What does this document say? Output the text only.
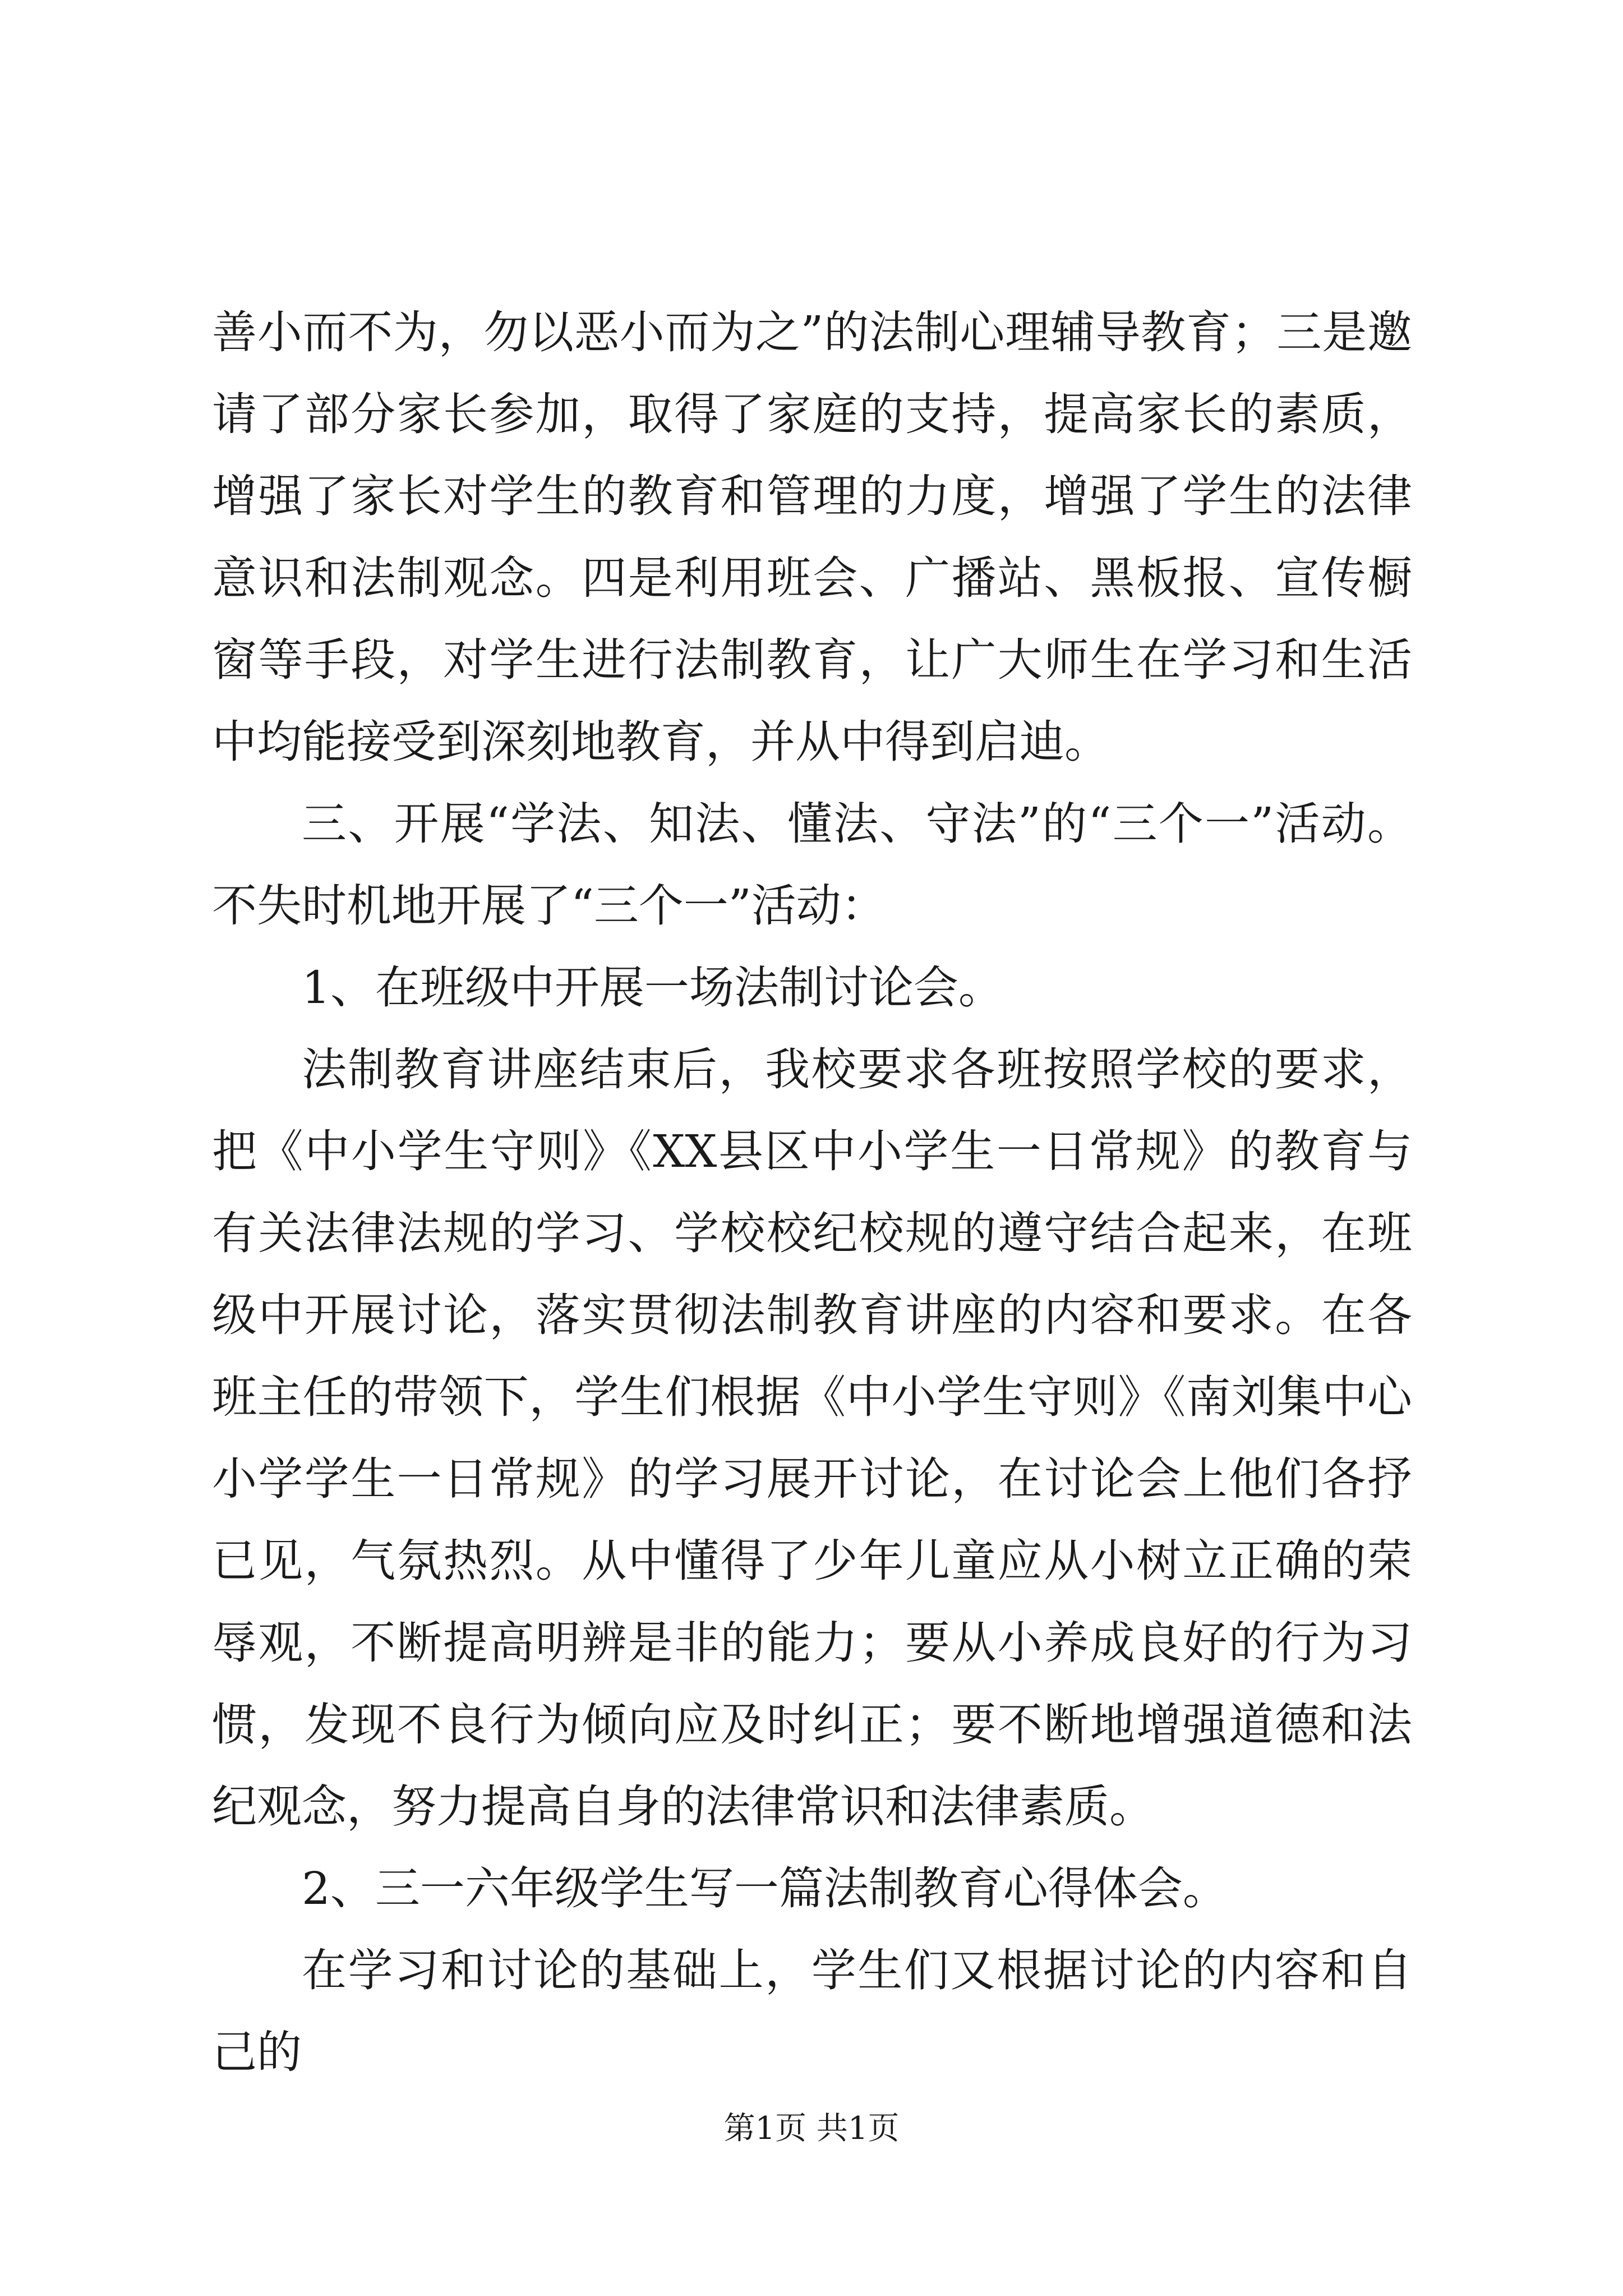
善小而不为，勿以恶小而为之”的法制心理辅导教育；三是邀请了部分家长参加，取得了家庭的支持，提高家长的素质，增强了家长对学生的教育和管理的力度，增强了学生的法律意识和法制观念。四是利用班会、广播站、黑板报、宣传橱窗等手段，对学生进行法制教育，让广大师生在学习和生活中均能接受到深刻地教育，并从中得到启迪。

三、开展“学法、知法、懂法、守法”的“三个一”活动。不失时机地开展了“三个一”活动：

1、在班级中开展一场法制讨论会。

法制教育讲座结束后，我校要求各班按照学校的要求，把《中小学生守则》《XX县区中小学生一日常规》的教育与有关法律法规的学习、学校校纪校规的遵守结合起来，在班级中开展讨论，落实贯彻法制教育讲座的内容和要求。在各班主任的带领下，学生们根据《中小学生守则》《南刘集中心小学学生一日常规》的学习展开讨论，在讨论会上他们各抒已见，气氛热烈。从中懂得了少年儿童应从小树立正确的荣辱观，不断提高明辨是非的能力；要从小养成良好的行为习惯，发现不良行为倾向应及时纠正；要不断地增强道德和法纪观念，努力提高自身的法律常识和法律素质。

2、三一六年级学生写一篇法制教育心得体会。

在学习和讨论的基础上，学生们又根据讨论的内容和自己的

第1页 共1页
